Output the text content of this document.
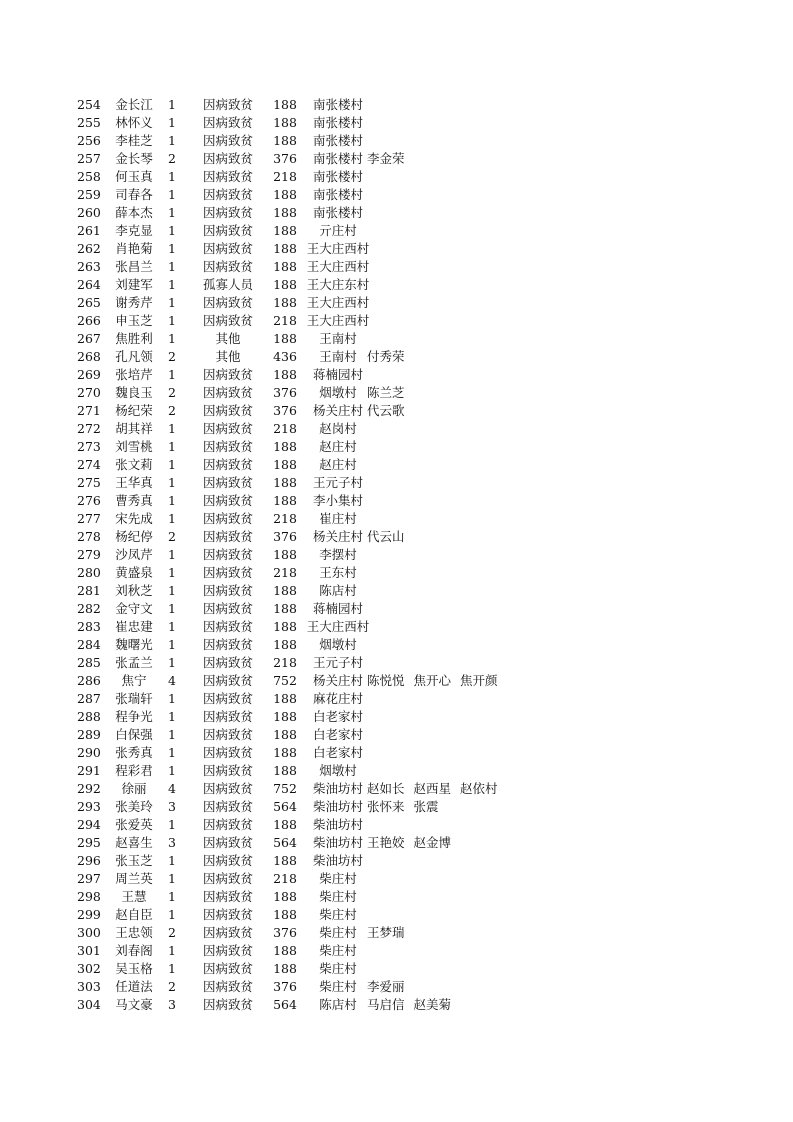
254	金长江	1	因病致贫	188	南张楼村
255	林怀义	1	因病致贫	188	南张楼村
256	李桂芝	1	因病致贫	188	南张楼村
257	金长琴	2	因病致贫	376	南张楼村 李金荣
258	何玉真	1	因病致贫	218	南张楼村
259	司春各	1	因病致贫	188	南张楼村
260	薛本杰	1	因病致贫	188	南张楼村
261	李克显	1	因病致贫	188	亓庄村
262	肖艳菊	1	因病致贫	188 王大庄西村
263	张昌兰	1	因病致贫	188 王大庄西村
264	刘建军	1	孤寡人员	188 王大庄东村
265	谢秀芹	1	因病致贫	188 王大庄西村
266	申玉芝	1	因病致贫	218 王大庄西村
267	焦胜利	1	其他	188	王南村
268	孔凡领	2	其他	436	王南村 付秀荣
269	张培芹	1	因病致贫	188	蒋楠园村
270	魏良玉	2	因病致贫	376	烟墩村 陈兰芝
271	杨纪荣	2	因病致贫	376	杨关庄村 代云歌
272	胡其祥	1	因病致贫	218	赵岗村
273	刘雪桃	1	因病致贫	188	赵庄村
274	张文莉	1	因病致贫	188	赵庄村
275	王华真	1	因病致贫	188	王元子村
276	曹秀真	1	因病致贫	188	李小集村
277	宋先成	1	因病致贫	218	崔庄村
278	杨纪停	2	因病致贫	376	杨关庄村 代云山
279	沙凤芹	1	因病致贫	188	李摆村
280	黄盛泉	1	因病致贫	218	王东村
281	刘秋芝	1	因病致贫	188	陈店村
282	金守文	1	因病致贫	188	蒋楠园村
283	崔忠建	1	因病致贫	188 王大庄西村
284	魏曙光	1	因病致贫	188	烟墩村
285	张孟兰	1	因病致贫	218	王元子村
286	焦宁	4	因病致贫	752	杨关庄村 陈悦悦 焦开心 焦开颜
287	张瑞轩	1	因病致贫	188	麻花庄村
288	程争光	1	因病致贫	188	白老家村
289	白保强	1	因病致贫	188	白老家村
290	张秀真	1	因病致贫	188	白老家村
291	程彩君	1	因病致贫	188	烟墩村
292	徐丽	4	因病致贫	752	柴油坊村 赵如长 赵西星 赵依村
293	张美玲	3	因病致贫	564	柴油坊村 张怀来 张震
294	张爱英	1	因病致贫	188	柴油坊村
295	赵喜生	3	因病致贫	564	柴油坊村 王艳姣 赵金博
296	张玉芝	1	因病致贫	188	柴油坊村
297	周兰英	1	因病致贫	218	柴庄村
298	王慧	1	因病致贫	188	柴庄村
299	赵自臣	1	因病致贫	188	柴庄村
300	王忠领	2	因病致贫	376	柴庄村 王梦瑞
301	刘春阁	1	因病致贫	188	柴庄村
302	吴玉格	1	因病致贫	188	柴庄村
303	任道法	2	因病致贫	376	柴庄村 李爱丽
304	马文豪	3	因病致贫	564	陈店村 马启信 赵美菊
